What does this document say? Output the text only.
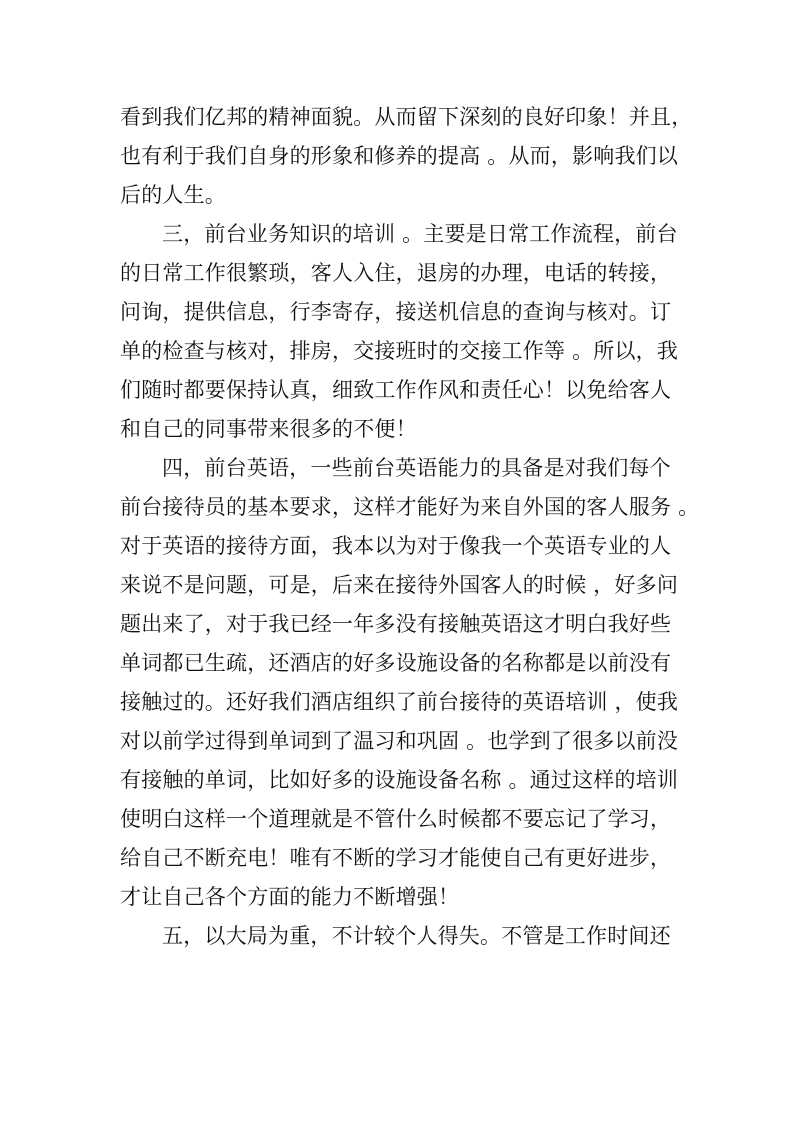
看到我们亿邦的精神面貌。从而留下深刻的良好印象！并且，
也有利于我们自身的形象和修养的提高 。从而，影响我们以
后的人生。
三，前台业务知识的培训 。主要是日常工作流程，前台
的日常工作很繁琐，客人入住，退房的办理，电话的转接，
问询，提供信息，行李寄存，接送机信息的查询与核对。订
单的检查与核对，排房，交接班时的交接工作等 。所以，我
们随时都要保持认真，细致工作作风和责任心！以免给客人
和自己的同事带来很多的不便！
四，前台英语，一些前台英语能力的具备是对我们每个
前台接待员的基本要求，这样才能好为来自外国的客人服务 。
对于英语的接待方面，我本以为对于像我一个英语专业的人
来说不是问题，可是，后来在接待外国客人的时候 ，好多问
题出来了，对于我已经一年多没有接触英语这才明白我好些
单词都已生疏，还酒店的好多设施设备的名称都是以前没有
接触过的。还好我们酒店组织了前台接待的英语培训 ，使我
对以前学过得到单词到了温习和巩固 。也学到了很多以前没
有接触的单词，比如好多的设施设备名称 。通过这样的培训
使明白这样一个道理就是不管什么时候都不要忘记了学习，
给自己不断充电！唯有不断的学习才能使自己有更好进步，
才让自己各个方面的能力不断增强！
五，以大局为重，不计较个人得失。不管是工作时间还
